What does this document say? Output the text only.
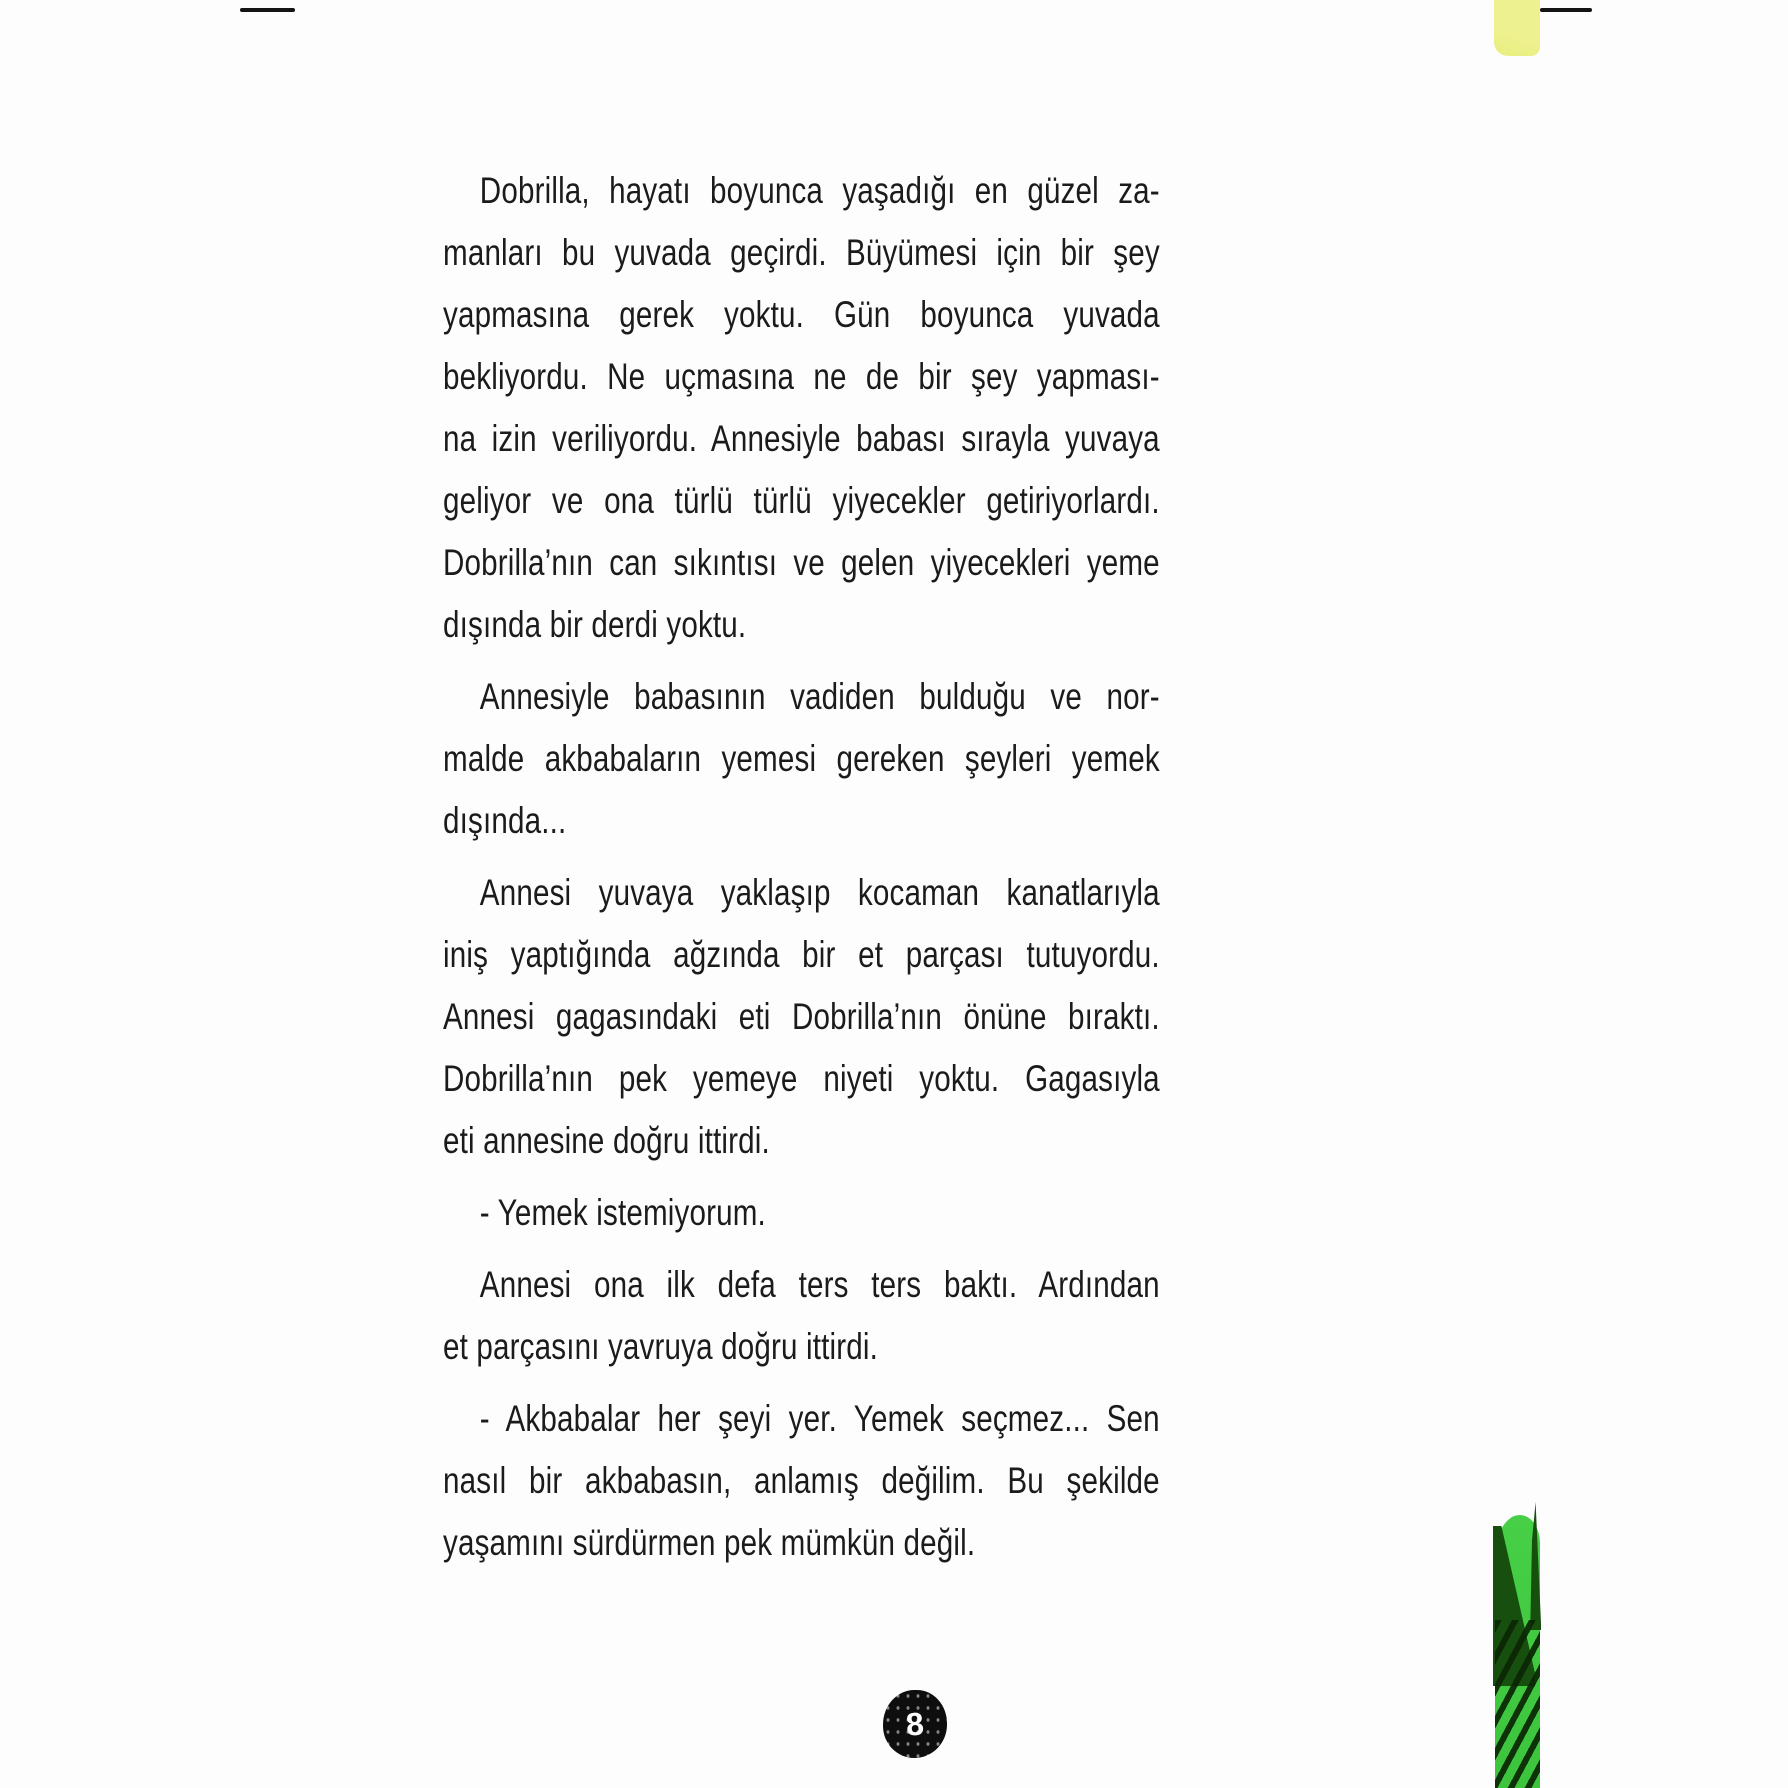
Dobrilla, hayatı boyunca yaşadığı en güzel za-
manları bu yuvada geçirdi. Büyümesi için bir şey
yapmasına gerek yoktu. Gün boyunca yuvada
bekliyordu. Ne uçmasına ne de bir şey yapması-
na izin veriliyordu. Annesiyle babası sırayla yuvaya
geliyor ve ona türlü türlü yiyecekler getiriyorlardı.
Dobrilla’nın can sıkıntısı ve gelen yiyecekleri yeme
dışında bir derdi yoktu.
Annesiyle babasının vadiden bulduğu ve nor-
malde akbabaların yemesi gereken şeyleri yemek
dışında...
Annesi yuvaya yaklaşıp kocaman kanatlarıyla
iniş yaptığında ağzında bir et parçası tutuyordu.
Annesi gagasındaki eti Dobrilla’nın önüne bıraktı.
Dobrilla’nın pek yemeye niyeti yoktu. Gagasıyla
eti annesine doğru ittirdi.
- Yemek istemiyorum.
Annesi ona ilk defa ters ters baktı. Ardından
et parçasını yavruya doğru ittirdi.
- Akbabalar her şeyi yer. Yemek seçmez... Sen
nasıl bir akbabasın, anlamış değilim. Bu şekilde
yaşamını sürdürmen pek mümkün değil.
8
